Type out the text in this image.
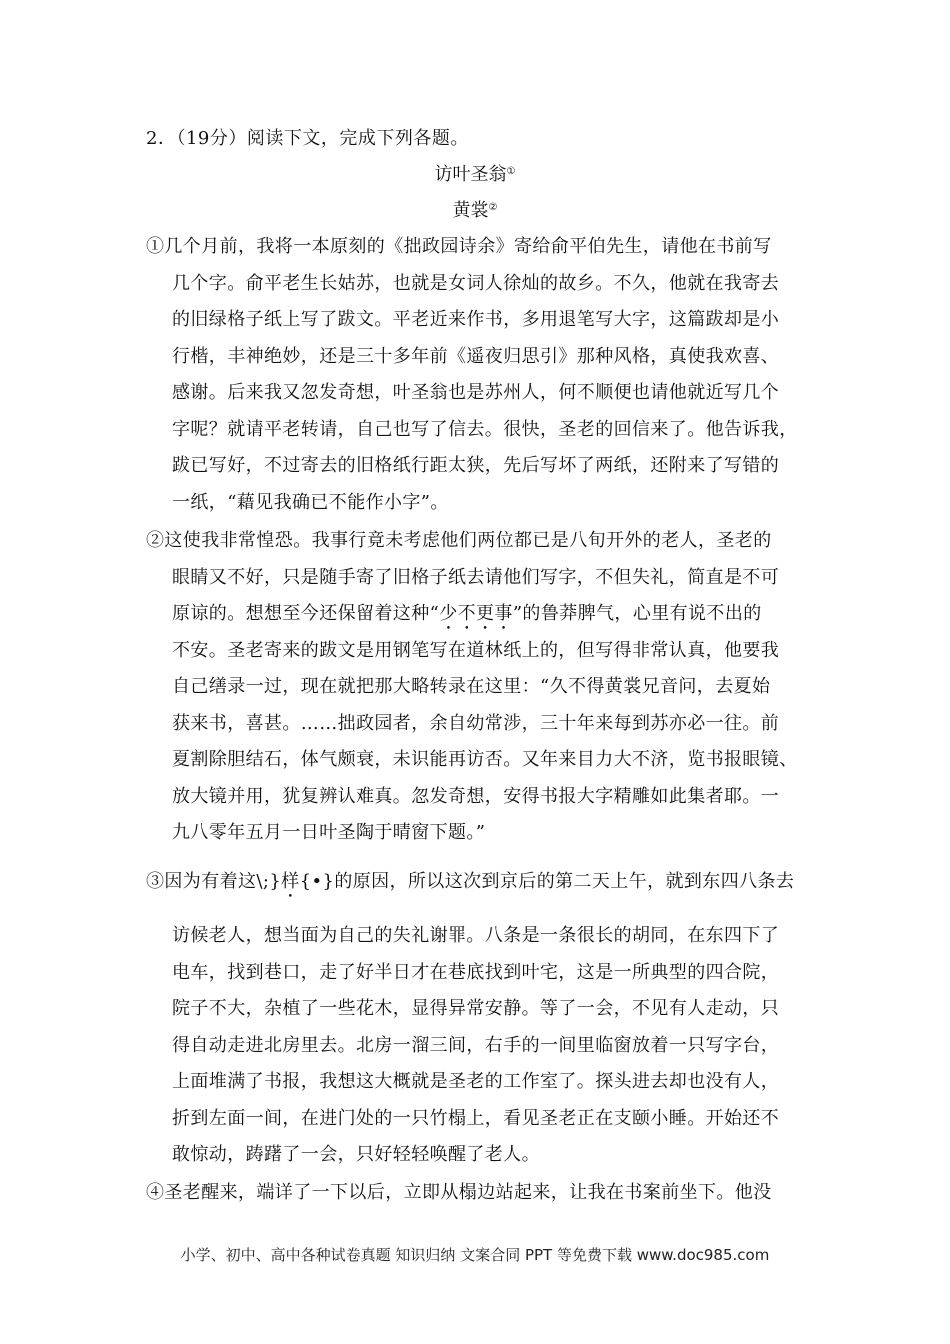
2．（19分）阅读下文，完成下列各题。
访叶圣翁①
黄裳②
①几个月前，我将一本原刻的《拙政园诗余》寄给俞平伯先生，请他在书前写
几个字。俞平老生长姑苏，也就是女词人徐灿的故乡。不久，他就在我寄去
的旧绿格子纸上写了跋文。平老近来作书，多用退笔写大字，这篇跋却是小
行楷，丰神绝妙，还是三十多年前《遥夜归思引》那种风格，真使我欢喜、
感谢。后来我又忽发奇想，叶圣翁也是苏州人，何不顺便也请他就近写几个
字呢？就请平老转请，自己也写了信去。很快，圣老的回信来了。他告诉我，
跋已写好，不过寄去的旧格纸行距太狭，先后写坏了两纸，还附来了写错的
一纸，“藉见我确已不能作小字”。
②这使我非常惶恐。我事行竟未考虑他们两位都已是八旬开外的老人，圣老的
眼睛又不好，只是随手寄了旧格子纸去请他们写字，不但失礼，简直是不可
原谅的。想想至今还保留着这种“少不更事”的鲁莽脾气，心里有说不出的
不安。圣老寄来的跋文是用钢笔写在道林纸上的，但写得非常认真，他要我
自己缮录一过，现在就把那大略转录在这里：“久不得黄裳兄音问，去夏始
获来书，喜甚。……拙政园者，余自幼常涉，三十年来每到苏亦必一往。前
夏割除胆结石，体气颇衰，未识能再访否。又年来目力大不济，览书报眼镜、
放大镜并用，犹复辨认难真。忽发奇想，安得书报大字精雕如此集者耶。一
九八零年五月一日叶圣陶于晴窗下题。”
③因为有着这\;}样{•}的原因，所以这次到京后的第二天上午，就到东四八条去
访候老人，想当面为自己的失礼谢罪。八条是一条很长的胡同，在东四下了
电车，找到巷口，走了好半日才在巷底找到叶宅，这是一所典型的四合院，
院子不大，杂植了一些花木，显得异常安静。等了一会，不见有人走动，只
得自动走进北房里去。北房一溜三间，右手的一间里临窗放着一只写字台，
上面堆满了书报，我想这大概就是圣老的工作室了。探头进去却也没有人，
折到左面一间，在进门处的一只竹榻上，看见圣老正在支颐小睡。开始还不
敢惊动，踌躇了一会，只好轻轻唤醒了老人。
④圣老醒来，端详了一下以后，立即从榻边站起来，让我在书案前坐下。他没
小学、初中、高中各种试卷真题 知识归纳 文案合同 PPT 等免费下载 www.doc985.com
